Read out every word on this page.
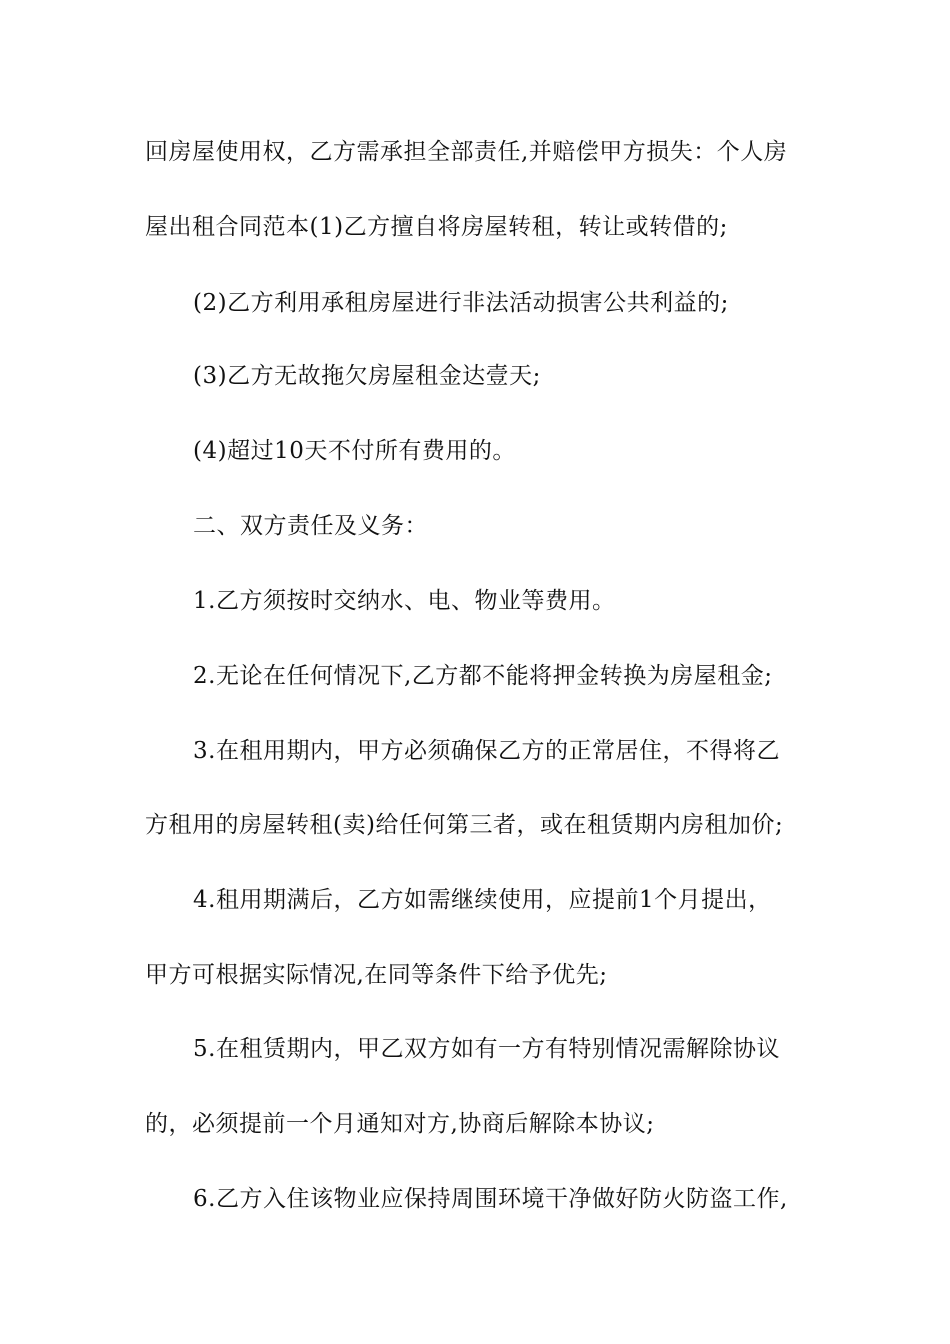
回房屋使用权，乙方需承担全部责任,并赔偿甲方损失：个人房
屋出租合同范本(1)乙方擅自将房屋转租，转让或转借的;
(2)乙方利用承租房屋进行非法活动损害公共利益的;
(3)乙方无故拖欠房屋租金达壹天;
(4)超过10天不付所有费用的。
二、双方责任及义务：
1.乙方须按时交纳水、电、物业等费用。
2.无论在任何情况下,乙方都不能将押金转换为房屋租金;
3.在租用期内，甲方必须确保乙方的正常居住，不得将乙
方租用的房屋转租(卖)给任何第三者，或在租赁期内房租加价;
4.租用期满后，乙方如需继续使用，应提前1个月提出，
甲方可根据实际情况,在同等条件下给予优先;
5.在租赁期内，甲乙双方如有一方有特别情况需解除协议
的，必须提前一个月通知对方,协商后解除本协议;
6.乙方入住该物业应保持周围环境干净做好防火防盗工作,
